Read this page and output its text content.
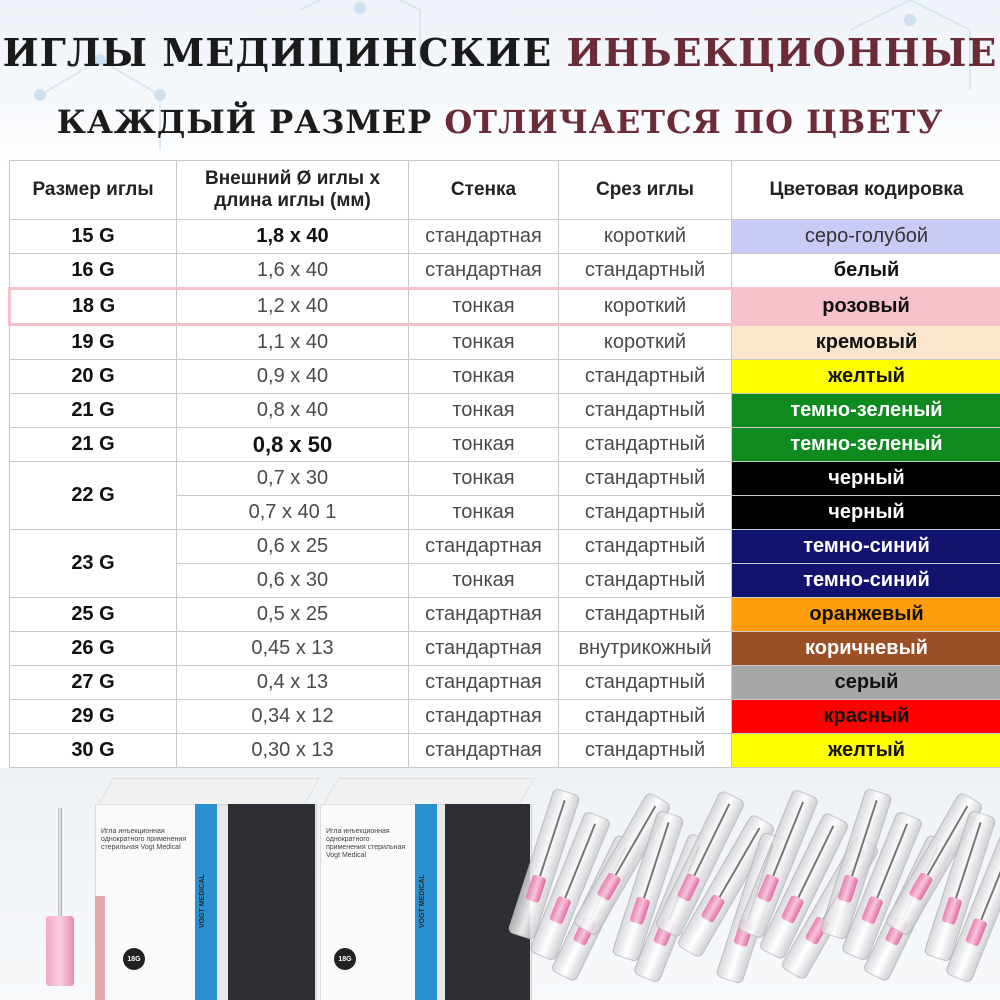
ИГЛЫ МЕДИЦИНСКИЕ ИНЬЕКЦИОННЫЕ
КАЖДЫЙ РАЗМЕР ОТЛИЧАЕТСЯ ПО ЦВЕТУ
Размер иглы	Внешний Ø иглы x длина иглы (мм)	Стенка	Срез иглы	Цветовая кодировка
15 G	1,8 x 40	стандартная	короткий	серо-голубой
16 G	1,6 x 40	стандартная	стандартный	белый
18 G	1,2 x 40	тонкая	короткий	розовый
19 G	1,1 x 40	тонкая	короткий	кремовый
20 G	0,9 x 40	тонкая	стандартный	желтый
21 G	0,8 x 40	тонкая	стандартный	темно-зеленый
21 G	0,8 x 50	тонкая	стандартный	темно-зеленый
22 G	0,7 x 30	тонкая	стандартный	черный
	0,7 x 40 1	тонкая	стандартный	черный
23 G	0,6 x 25	стандартная	стандартный	темно-синий
	0,6 x 30	тонкая	стандартный	темно-синий
25 G	0,5 x 25	стандартная	стандартный	оранжевый
26 G	0,45 x 13	стандартная	внутрикожный	коричневый
27 G	0,4 x 13	стандартная	стандартный	серый
29 G	0,34 x 12	стандартная	стандартный	красный
30 G	0,30 x 13	стандартная	стандартный	желтый
18G
Игла инъекционная однократного применения стерильная Vogt Medical
VOGT MEDICAL
18G
Игла инъекционная однократного применения стерильная Vogt Medical
VOGT MEDICAL
